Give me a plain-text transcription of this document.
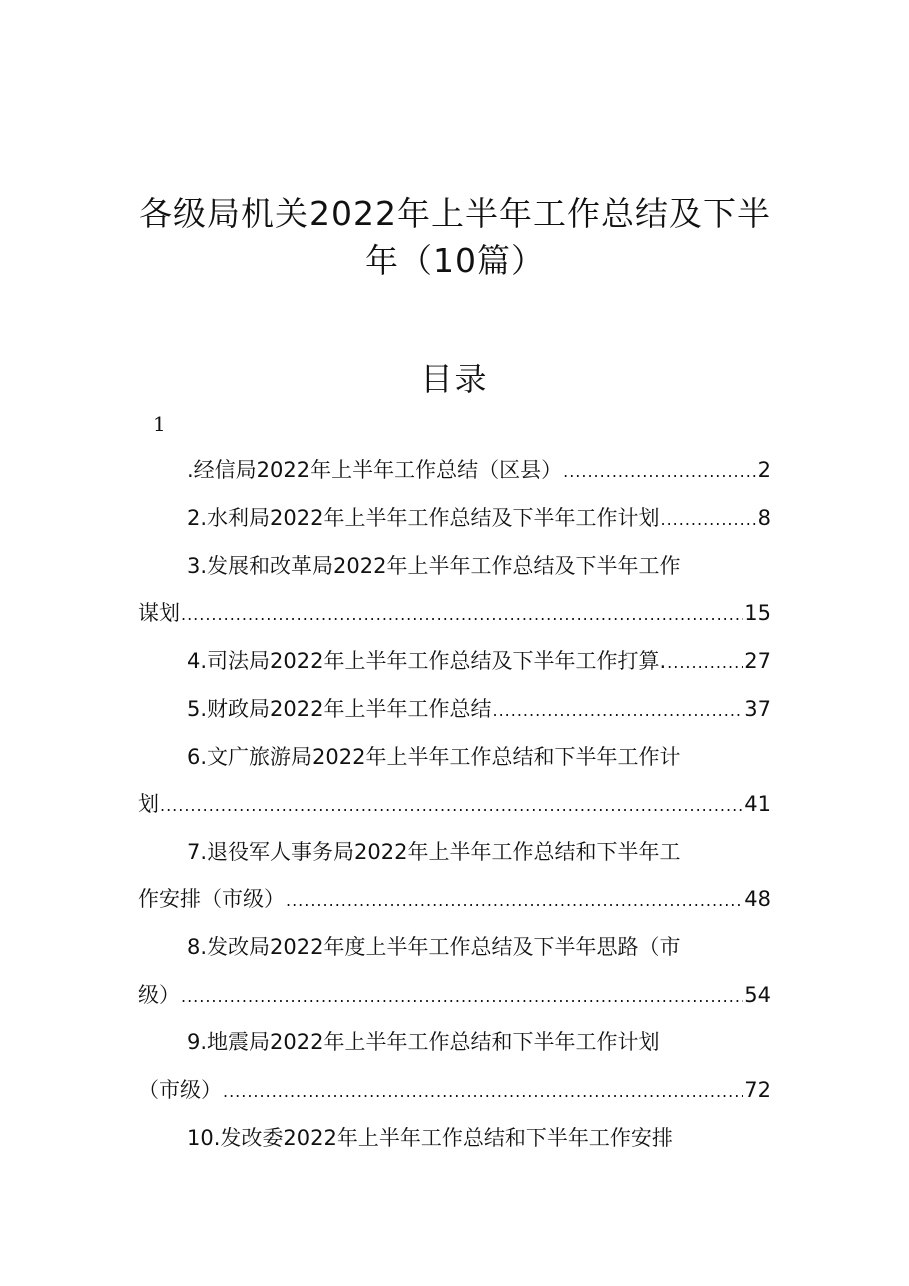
各级局机关2022年上半年工作总结及下半
年（10篇）
目录
1
.经信局2022年上半年工作总结（区县） .....	2
2.水利局2022年上半年工作总结及下半年工作计划 .....	8
3.发展和改革局2022年上半年工作总结及下半年工作
谋划 .....	15
4.司法局2022年上半年工作总结及下半年工作打算. .....	27
5.财政局2022年上半年工作总结 .....	37
6.文广旅游局2022年上半年工作总结和下半年工作计
划 .....	41
7.退役军人事务局2022年上半年工作总结和下半年工
作安排（市级） .....	48
8.发改局2022年度上半年工作总结及下半年思路（市
级） .....	54
9.地震局2022年上半年工作总结和下半年工作计划
（市级） .....	72
10.发改委2022年上半年工作总结和下半年工作安排
